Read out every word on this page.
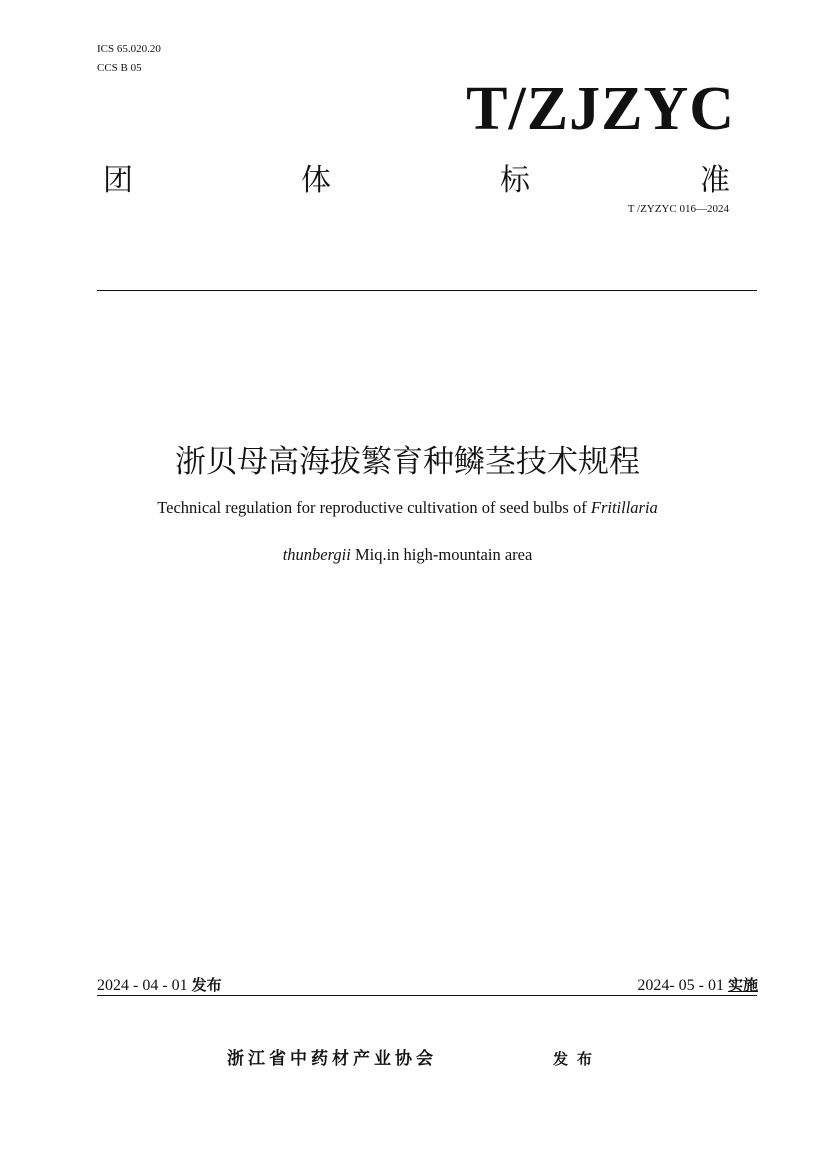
ICS 65.020.20
CCS B 05
T/ZJZYC
团	体	标	准
T /ZYZYC 016—2024
浙贝母高海拔繁育种鳞茎技术规程
Technical regulation for reproductive cultivation of seed bulbs of Fritillaria
thunbergii Miq.in high-mountain area
2024 - 04 - 01 发布	2024- 05 - 01 实施
浙江省中药材产业协会	发布
